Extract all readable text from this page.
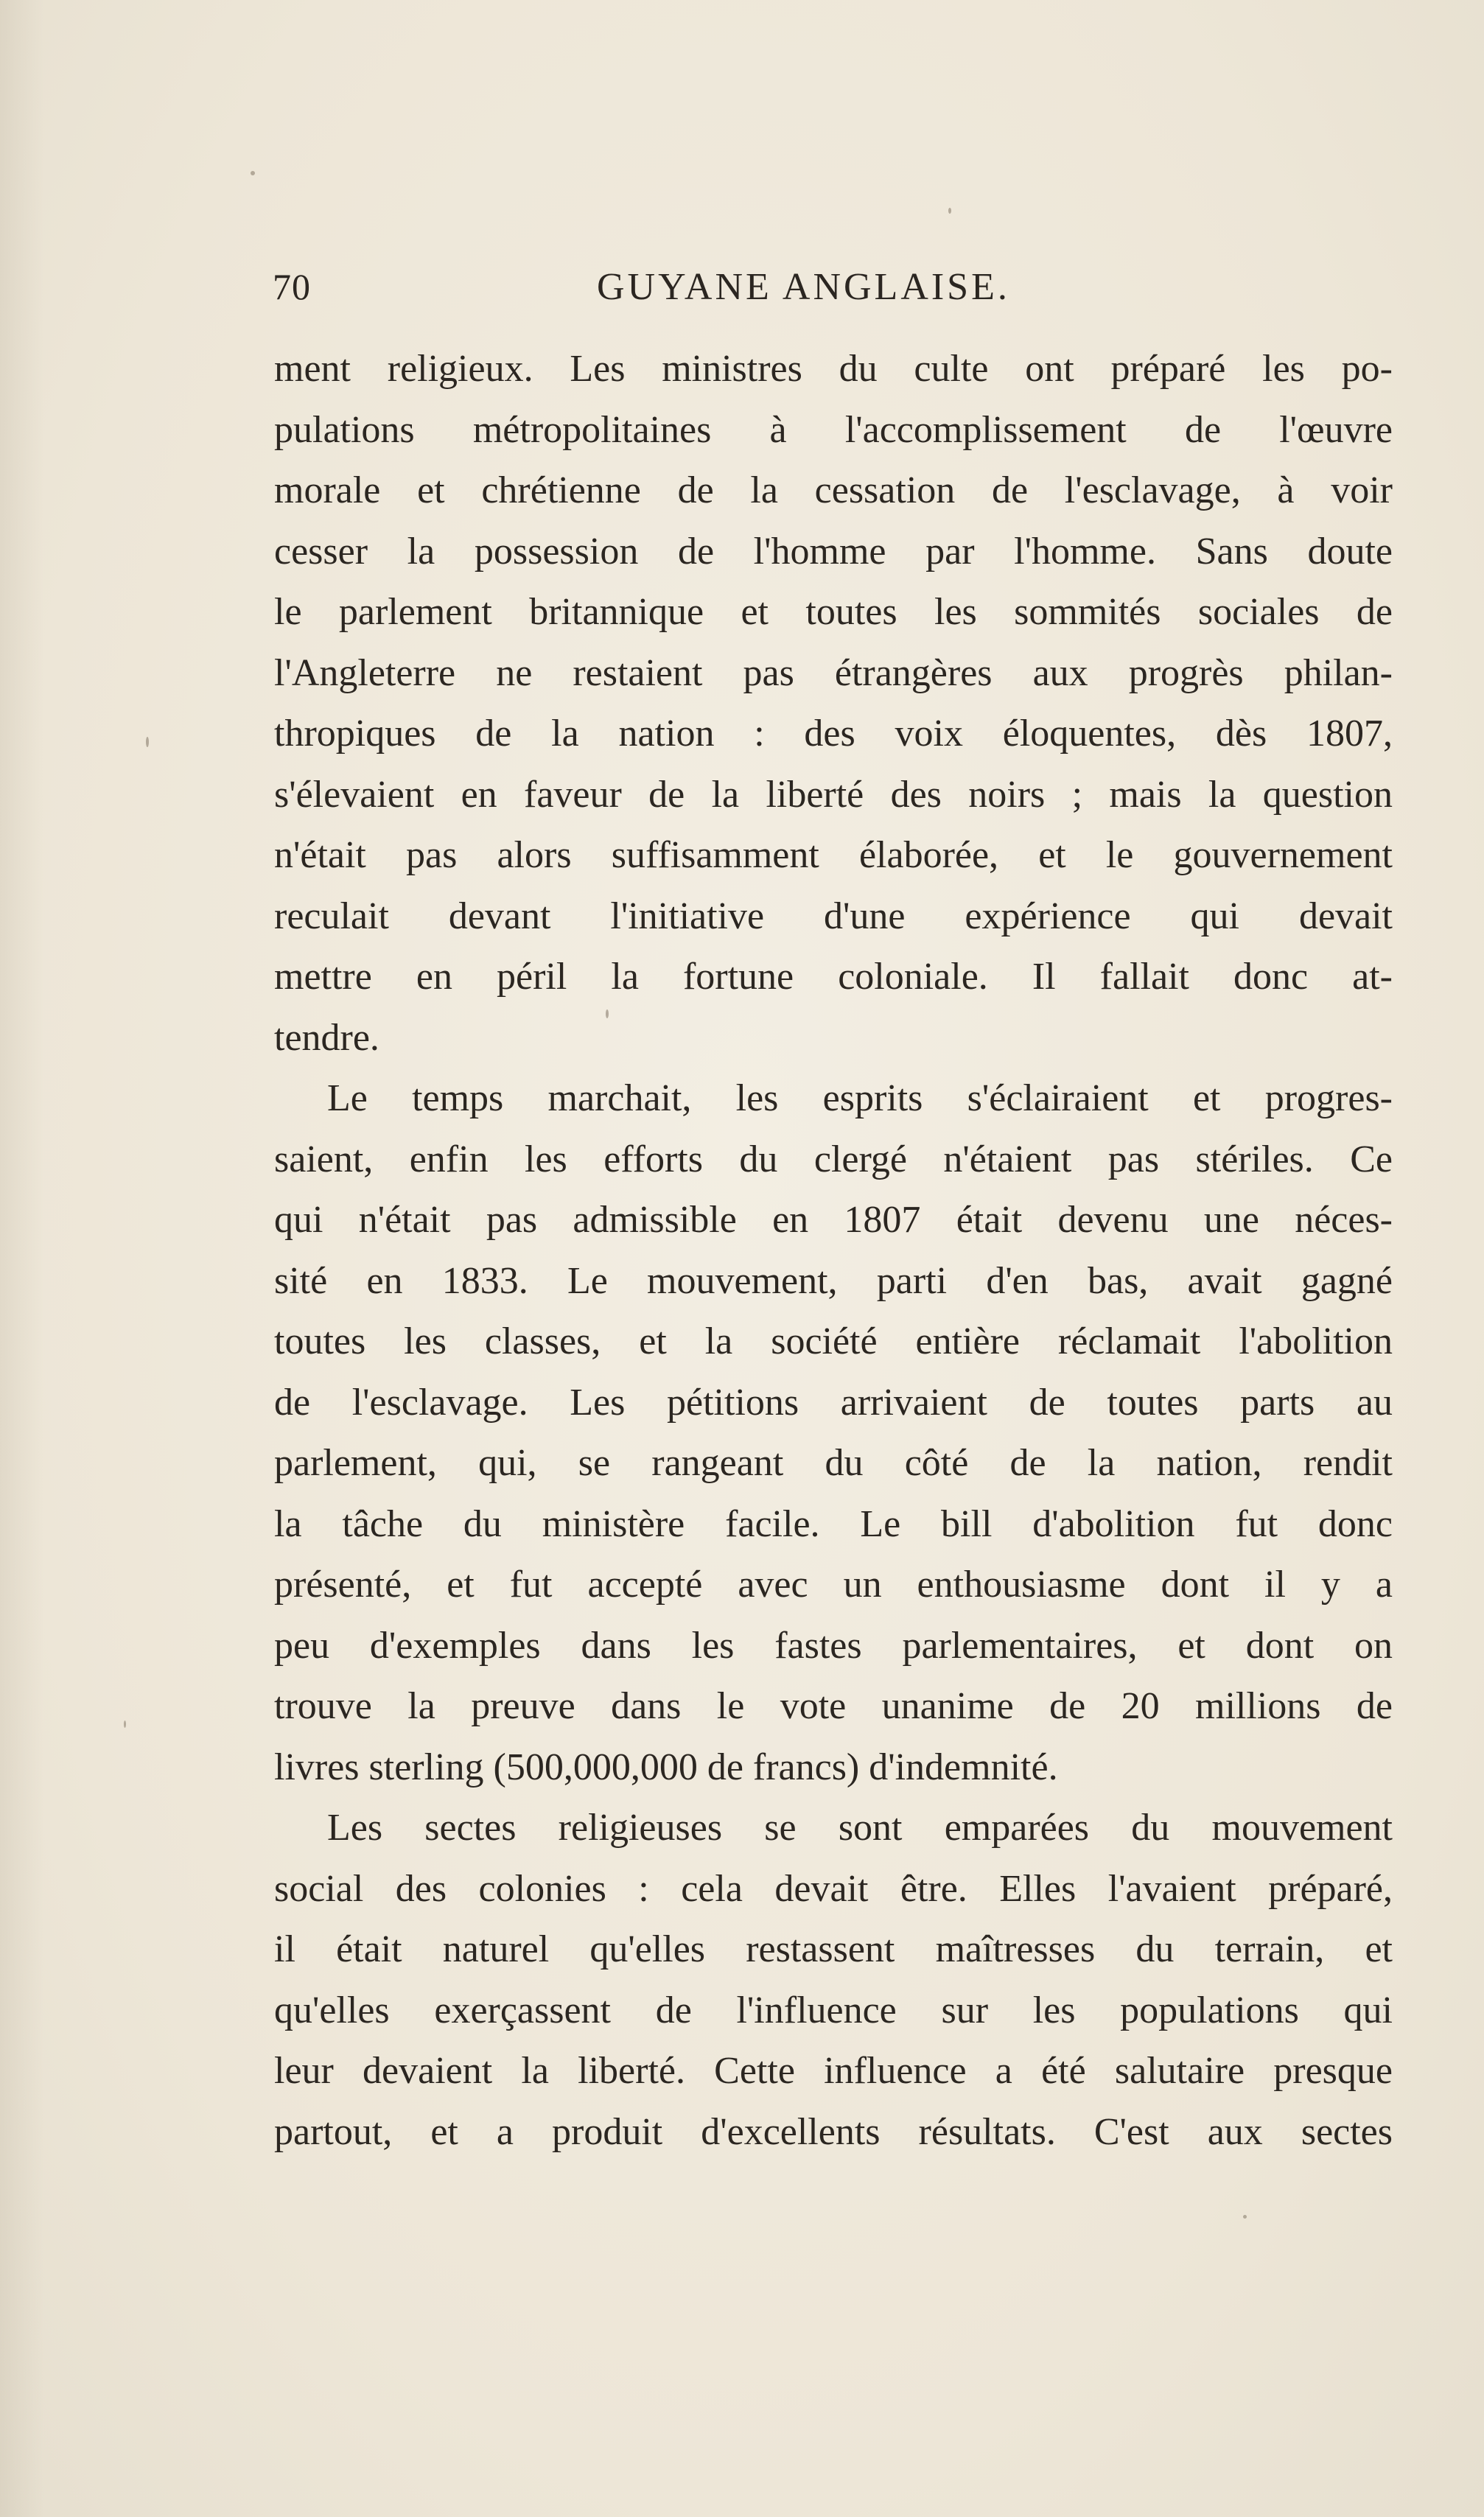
70	GUYANE ANGLAISE.
ment religieux. Les ministres du culte ont préparé les po-
pulations métropolitaines à l'accomplissement de l'œuvre
morale et chrétienne de la cessation de l'esclavage, à voir
cesser la possession de l'homme par l'homme. Sans doute
le parlement britannique et toutes les sommités sociales de
l'Angleterre ne restaient pas étrangères aux progrès philan-
thropiques de la nation : des voix éloquentes, dès 1807,
s'élevaient en faveur de la liberté des noirs ; mais la question
n'était pas alors suffisamment élaborée, et le gouvernement
reculait devant l'initiative d'une expérience qui devait
mettre en péril la fortune coloniale. Il fallait donc at-
tendre.
Le temps marchait, les esprits s'éclairaient et progres-
saient, enfin les efforts du clergé n'étaient pas stériles. Ce
qui n'était pas admissible en 1807 était devenu une néces-
sité en 1833. Le mouvement, parti d'en bas, avait gagné
toutes les classes, et la société entière réclamait l'abolition
de l'esclavage. Les pétitions arrivaient de toutes parts au
parlement, qui, se rangeant du côté de la nation, rendit
la tâche du ministère facile. Le bill d'abolition fut donc
présenté, et fut accepté avec un enthousiasme dont il y a
peu d'exemples dans les fastes parlementaires, et dont on
trouve la preuve dans le vote unanime de 20 millions de
livres sterling (500,000,000 de francs) d'indemnité.
Les sectes religieuses se sont emparées du mouvement
social des colonies : cela devait être. Elles l'avaient préparé,
il était naturel qu'elles restassent maîtresses du terrain, et
qu'elles exerçassent de l'influence sur les populations qui
leur devaient la liberté. Cette influence a été salutaire presque
partout, et a produit d'excellents résultats. C'est aux sectes
